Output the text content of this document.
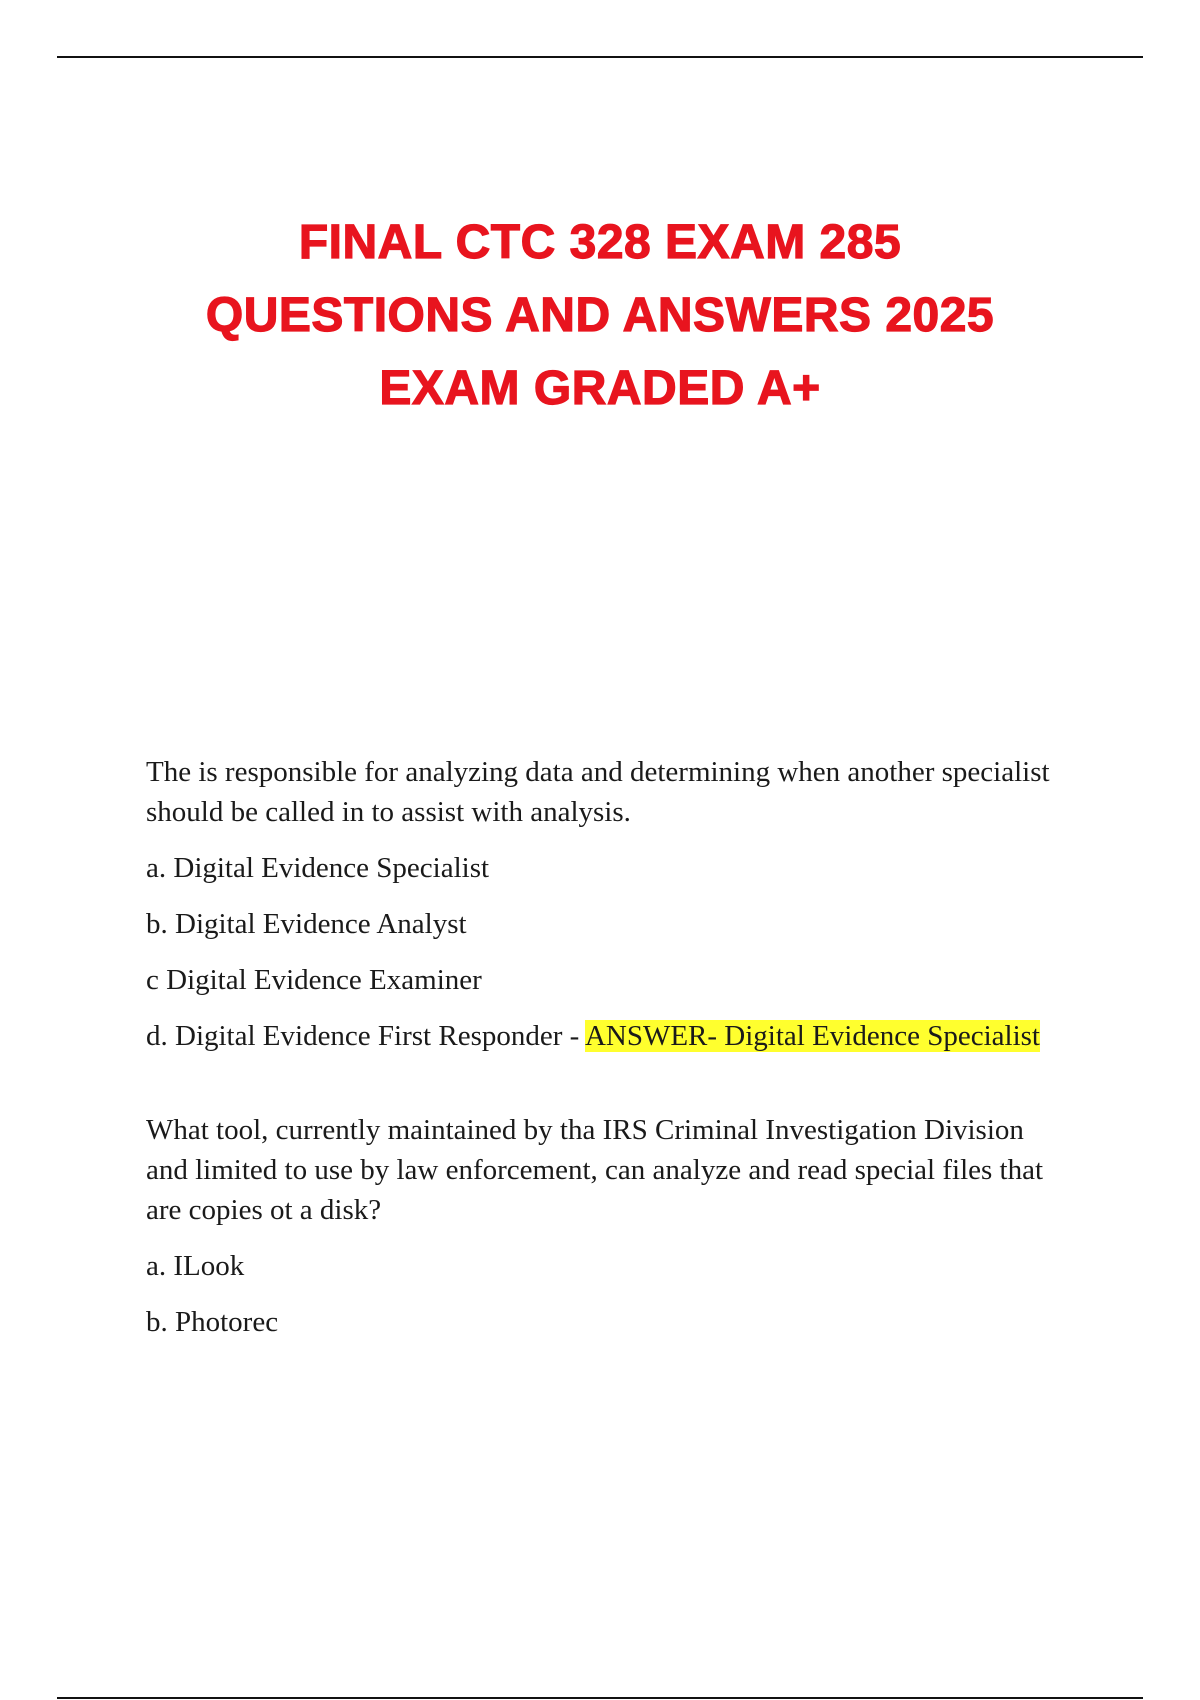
FINAL CTC 328 EXAM 285
QUESTIONS AND ANSWERS 2025
EXAM GRADED A+

The is responsible for analyzing data and determining when another specialist should be called in to assist with analysis.

a. Digital Evidence Specialist

b. Digital Evidence Analyst

c Digital Evidence Examiner

d. Digital Evidence First Responder - ANSWER- Digital Evidence Specialist

What tool, currently maintained by tha IRS Criminal Investigation Division and limited to use by law enforcement, can analyze and read special files that are copies ot a disk?

a. ILook

b. Photorec
